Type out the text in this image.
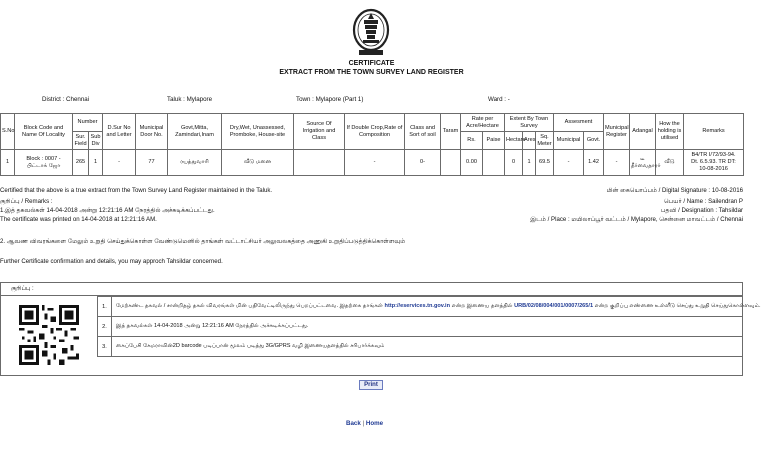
CERTIFICATE
EXTRACT FROM THE TOWN SURVEY LAND REGISTER
District : Chennai	Taluk : Mylapore	Town : Mylapore (Part 1)	Ward : -
S.No	Block Code and Name Of Locality	Number		D.Sur No and Letter	Municipal Door No.	Govt,Mitta, Zamindari,Inam	Dry,Wet, Unassessed, Promboke, House-site	Source Of Irrigation and Class	If Double Crop,Rate of Composition	Class and Sort of soil	Taram	Rate per Acre/Hectare		Extent By Town Survey			Assesment		Municipal Register	Adangal	How the holding is utilised	Remarks
		Sur. Field	Sub Div									Rs.	Paise	Hectare	Ares	Sq. Meter	Municipal	Govt.				
1	Block : 0007 - பிட்டாக் ஜோ	265	1	-	77	ரயத்துவாரி	வீடு மனை		-	0-		0.00		0	1	69.5	-	1.42	-	டீ தீர்வைதாரர்	வீடு	B4/TR I/72/93-94.
Dt. 6.5.93. TR DT:
10-08-2016
Certified that the above is a true extract from the Town Survey Land Register maintained in the Taluk.
குறிப்பு / Remarks :
1.இத் தகவல்கள் 14-04-2018 அன்று 12:21:16 AM நேரத்தில் அச்சுடிக்கப்பட்டது.
The certificate was printed on 14-04-2018 at 12:21:16 AM.
2. ஆவண விவரங்களை மேலும் உறுதி செய்துக்கொள்ள வேண்டுமெனில் தாங்கள் வட்டாட்சியர் அலுவலகத்தை அணுகி உறுதிப்படுத்திக்கொள்ளவும்
Further Certificate confirmation and details, you may approch Tahsildar concerned.
மின் கையொப்பம் / Digital Signature : 10-08-2016
பெயர் / Name : Sailendran P
பதவி / Designation : Tahsildar
இடம் / Place : மயிலாப்பூர் வட்டம் / Mylapore, சென்னை மாவட்டம் / Chennai
குறிப்பு :
1.	மேற்கண்ட தகவல் / சான்றிதழ் தகல் விவரங்கள் மின் பதிவேட்டிலிருந்து பெறப்பட்டவை. இதற்கை தாங்கள் http://eservices.tn.gov.in என்ற இணைய தளத்தில் URB/02/08/004/001/0007/265/1 என்ற குறிப்பு எண்ணை உள்ளீடு செய்து உறுதி செய்துகொள்ளவும்.
2.	இத் தகவல்கள் 14-04-2018 அன்று 12:21:16 AM நேரத்தில் அச்சுடிக்கப்பட்டது.
3.	கைப்பேசி கேமராவின்2D barcode படிப்பான் மூலம் படித்து 3G/GPRS வழி இணையதளத்தில் சரிபார்க்கவும்
Print
Back | Home
